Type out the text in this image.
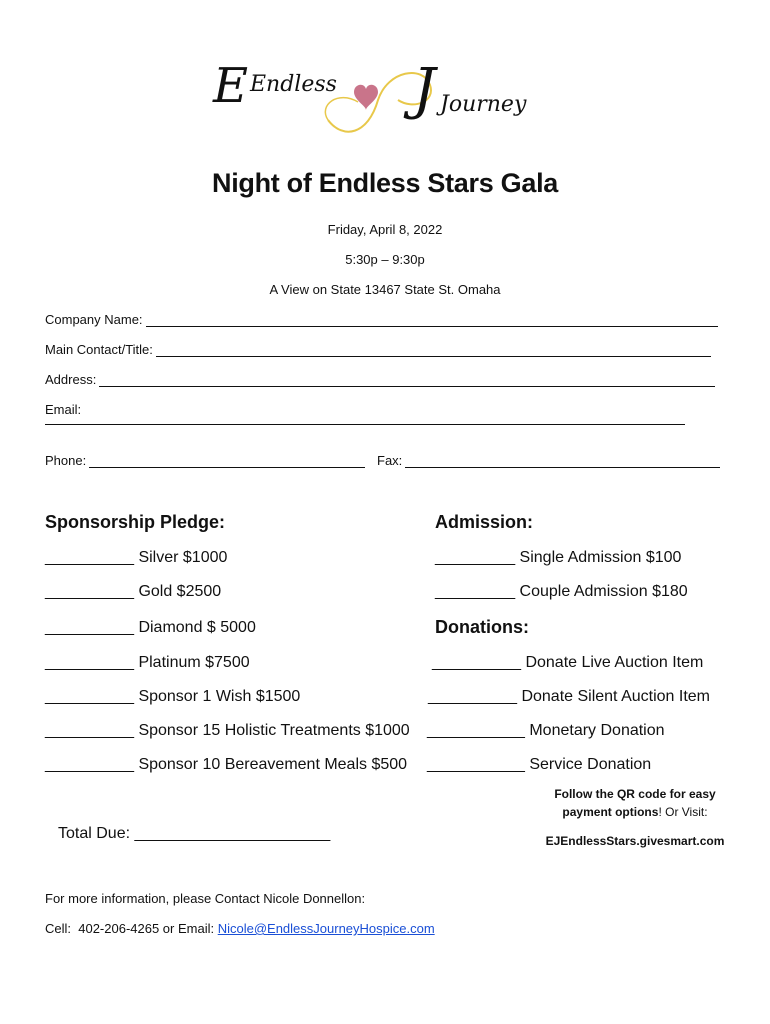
E	J
Endless
Journey
Night of Endless Stars Gala
Friday, April 8, 2022
5:30p – 9:30p
A View on State 13467 State St. Omaha
Company Name:
Main Contact/Title:
Address:
Email:
Phone:	Fax:
Sponsorship Pledge:	Admission:
Donations:
__________ Silver $1000
__________ Gold $2500
__________ Diamond $ 5000
__________ Platinum $7500
__________ Sponsor 1 Wish $1500
__________ Sponsor 15 Holistic Treatments $1000
__________ Sponsor 10 Bereavement Meals $500
_________ Single Admission $100
_________ Couple Admission $180
__________ Donate Live Auction Item
__________ Donate Silent Auction Item
___________ Monetary Donation
___________ Service Donation
Follow the QR code for easy
payment options! Or Visit:
EJEndlessStars.givesmart.com
Total Due: ______________________
For more information, please Contact Nicole Donnellon:
Cell:  402-206-4265 or Email: Nicole@EndlessJourneyHospice.com
